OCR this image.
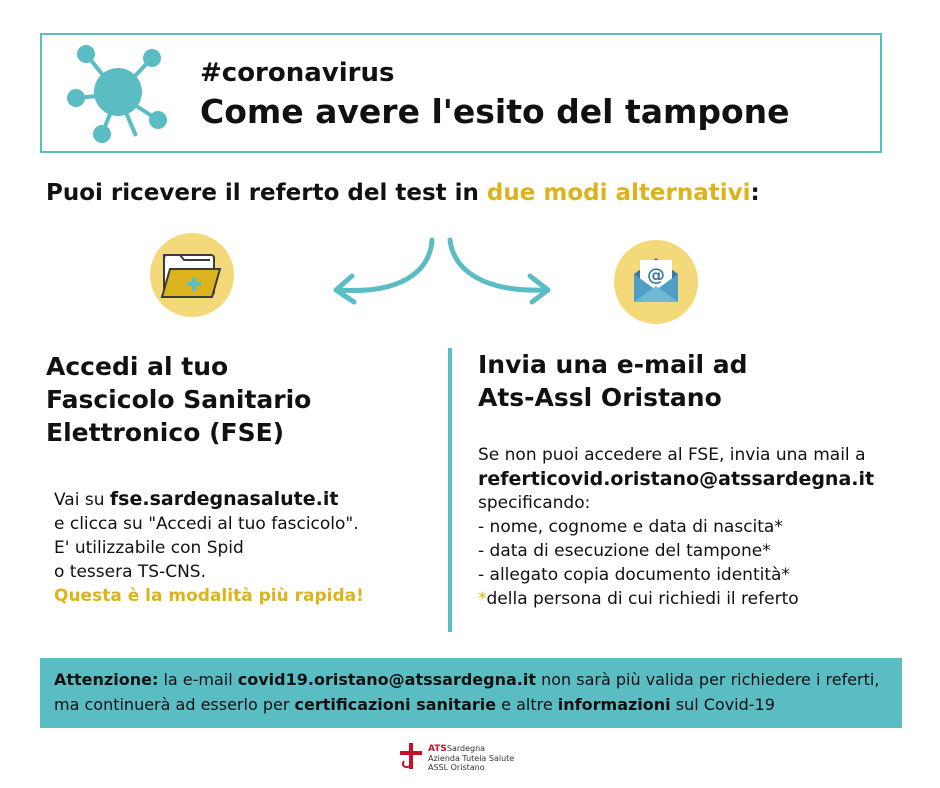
#coronavirus
Come avere l'esito del tampone
Puoi ricevere il referto del test in due modi alternativi:
@
Accedi al tuo
Fascicolo Sanitario
Elettronico (FSE)
Vai su fse.sardegnasalute.it
e clicca su "Accedi al tuo fascicolo".
E' utilizzabile con Spid
o tessera TS-CNS.
Questa è la modalità più rapida!
Invia una e-mail ad
Ats-Assl Oristano
Se non puoi accedere al FSE, invia una mail a
referticovid.oristano@atssardegna.it
specificando:
- nome, cognome e data di nascita*
- data di esecuzione del tampone*
- allegato copia documento identità*
*della persona di cui richiedi il referto
Attenzione: la e-mail covid19.oristano@atssardegna.it non sarà più valida per richiedere i referti, ma continuerà ad esserlo per certificazioni sanitarie e altre informazioni sul Covid-19
ATSSardegna
Azienda Tutela Salute
ASSL Oristano
